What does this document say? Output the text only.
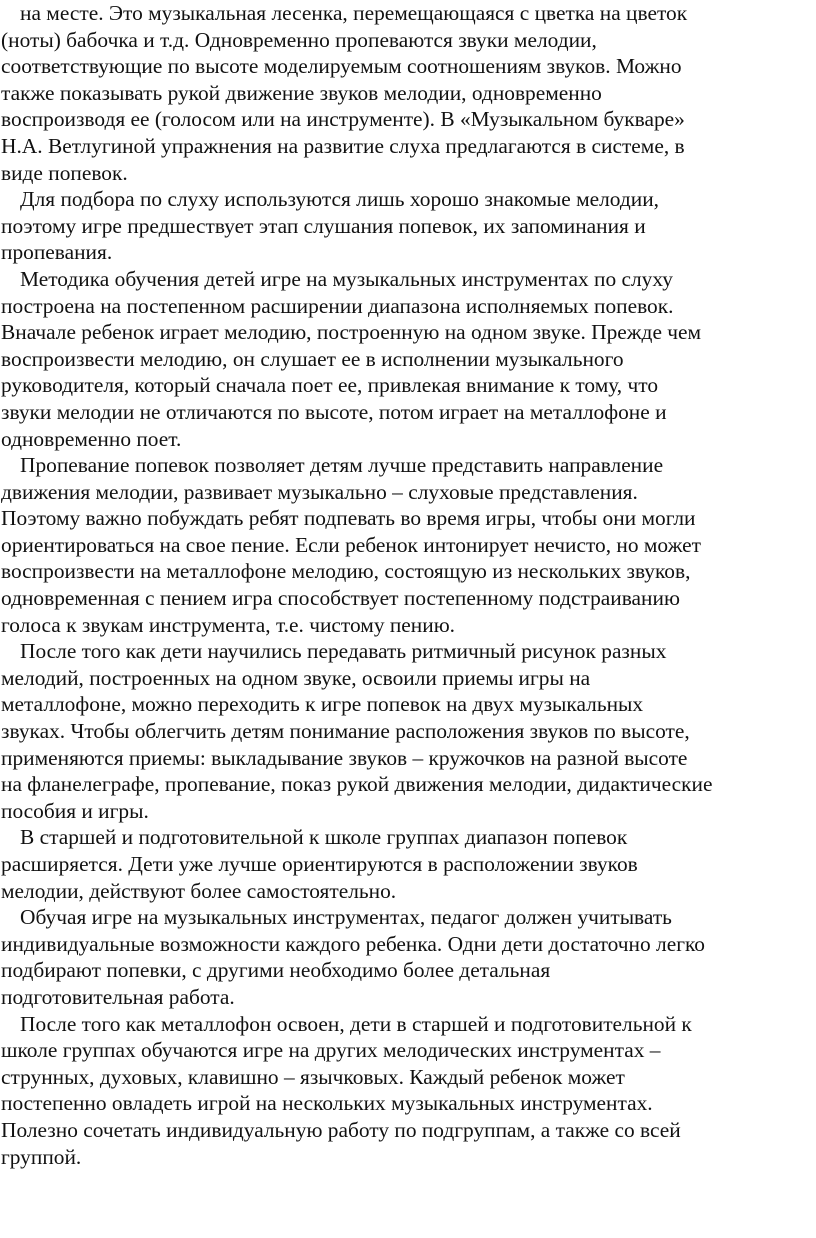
на месте. Это музыкальная лесенка, перемещающаяся с цветка на цветок
(ноты) бабочка и т.д. Одновременно пропеваются звуки мелодии,
соответствующие по высоте моделируемым соотношениям звуков. Можно
также показывать рукой движение звуков мелодии, одновременно
воспроизводя ее (голосом или на инструменте). В «Музыкальном букваре»
Н.А. Ветлугиной упражнения на развитие слуха предлагаются в системе, в
виде попевок.
Для подбора по слуху используются лишь хорошо знакомые мелодии,
поэтому игре предшествует этап слушания попевок, их запоминания и
пропевания.
Методика обучения детей игре на музыкальных инструментах по слуху
построена на постепенном расширении диапазона исполняемых попевок.
Вначале ребенок играет мелодию, построенную на одном звуке. Прежде чем
воспроизвести мелодию, он слушает ее в исполнении музыкального
руководителя, который сначала поет ее, привлекая внимание к тому, что
звуки мелодии не отличаются по высоте, потом играет на металлофоне и
одновременно поет.
Пропевание попевок позволяет детям лучше представить направление
движения мелодии, развивает музыкально – слуховые представления.
Поэтому важно побуждать ребят подпевать во время игры, чтобы они могли
ориентироваться на свое пение. Если ребенок интонирует нечисто, но может
воспроизвести на металлофоне мелодию, состоящую из нескольких звуков,
одновременная с пением игра способствует постепенному подстраиванию
голоса к звукам инструмента, т.е. чистому пению.
После того как дети научились передавать ритмичный рисунок разных
мелодий, построенных на одном звуке, освоили приемы игры на
металлофоне, можно переходить к игре попевок на двух музыкальных
звуках. Чтобы облегчить детям понимание расположения звуков по высоте,
применяются приемы: выкладывание звуков – кружочков на разной высоте
на фланелеграфе, пропевание, показ рукой движения мелодии, дидактические
пособия и игры.
В старшей и подготовительной к школе группах диапазон попевок
расширяется. Дети уже лучше ориентируются в расположении звуков
мелодии, действуют более самостоятельно.
Обучая игре на музыкальных инструментах, педагог должен учитывать
индивидуальные возможности каждого ребенка. Одни дети достаточно легко
подбирают попевки, с другими необходимо более детальная
подготовительная работа.
После того как металлофон освоен, дети в старшей и подготовительной к
школе группах обучаются игре на других мелодических инструментах –
струнных, духовых, клавишно – язычковых. Каждый ребенок может
постепенно овладеть игрой на нескольких музыкальных инструментах.
Полезно сочетать индивидуальную работу по подгруппам, а также со всей
группой.
